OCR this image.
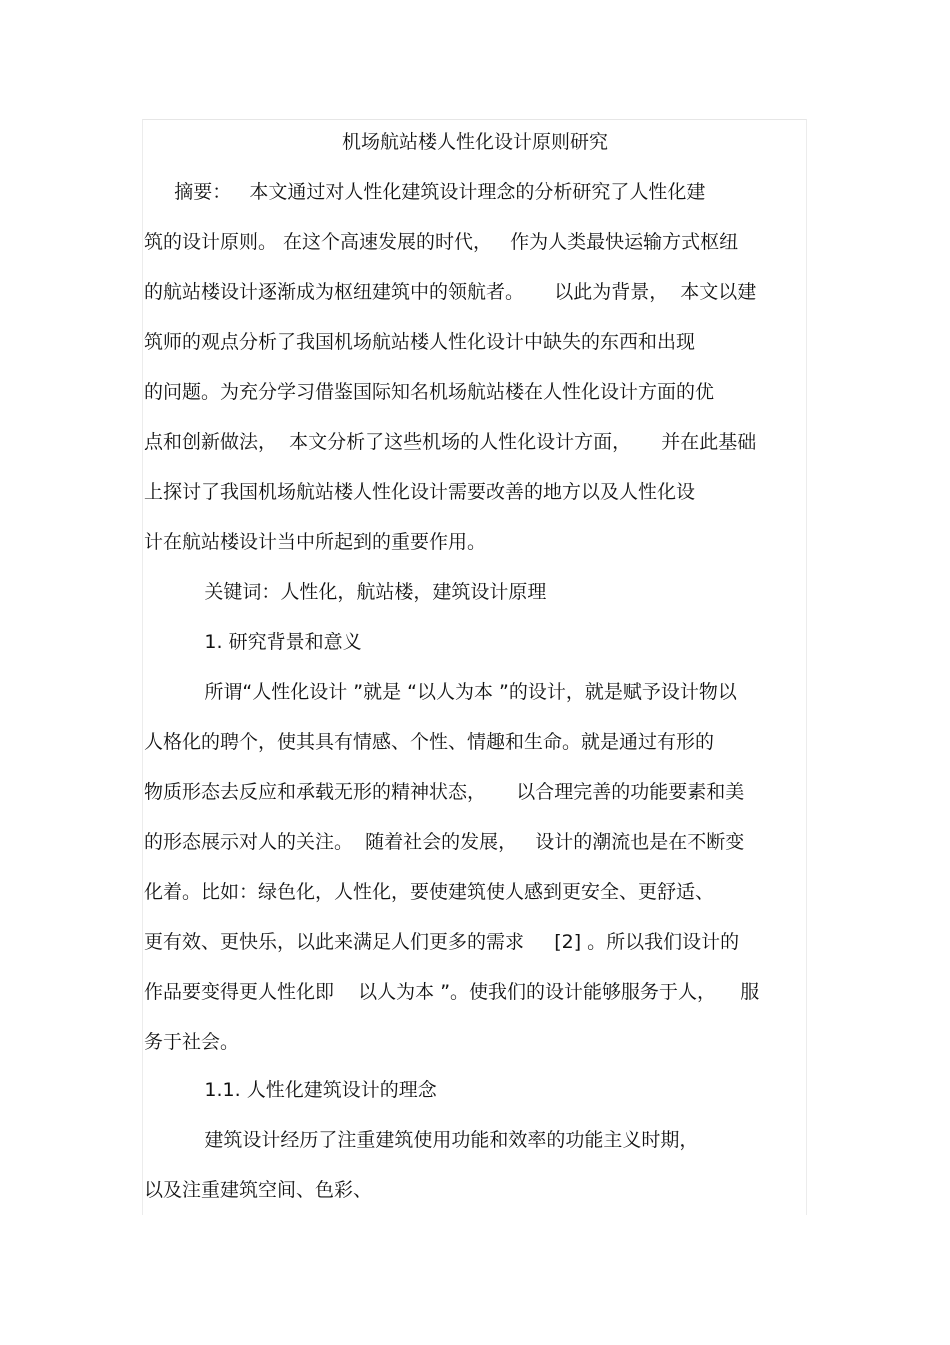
机场航站楼人性化设计原则研究
摘要：   本文通过对人性化建筑设计理念的分析研究了人性化建
筑的设计原则。 在这个高速发展的时代，   作为人类最快运输方式枢纽
的航站楼设计逐渐成为枢纽建筑中的领航者。     以此为背景，  本文以建
筑师的观点分析了我国机场航站楼人性化设计中缺失的东西和出现
的问题。为充分学习借鉴国际知名机场航站楼在人性化设计方面的优
点和创新做法，  本文分析了这些机场的人性化设计方面，     并在此基础
上探讨了我国机场航站楼人性化设计需要改善的地方以及人性化设
计在航站楼设计当中所起到的重要作用。
关键词：人性化，航站楼，建筑设计原理
1. 研究背景和意义
所谓“人性化设计 ”就是 “以人为本 ”的设计，就是赋予设计物以
人格化的聘个，使其具有情感、个性、情趣和生命。就是通过有形的
物质形态去反应和承载无形的精神状态，     以合理完善的功能要素和美
的形态展示对人的关注。  随着社会的发展，   设计的潮流也是在不断变
化着。比如：绿色化，人性化，要使建筑使人感到更安全、更舒适、
更有效、更快乐，以此来满足人们更多的需求     [2] 。所以我们设计的
作品要变得更人性化即    以人为本 ”。使我们的设计能够服务于人，    服
务于社会。
1.1. 人性化建筑设计的理念
建筑设计经历了注重建筑使用功能和效率的功能主义时期，
以及注重建筑空间、色彩、
